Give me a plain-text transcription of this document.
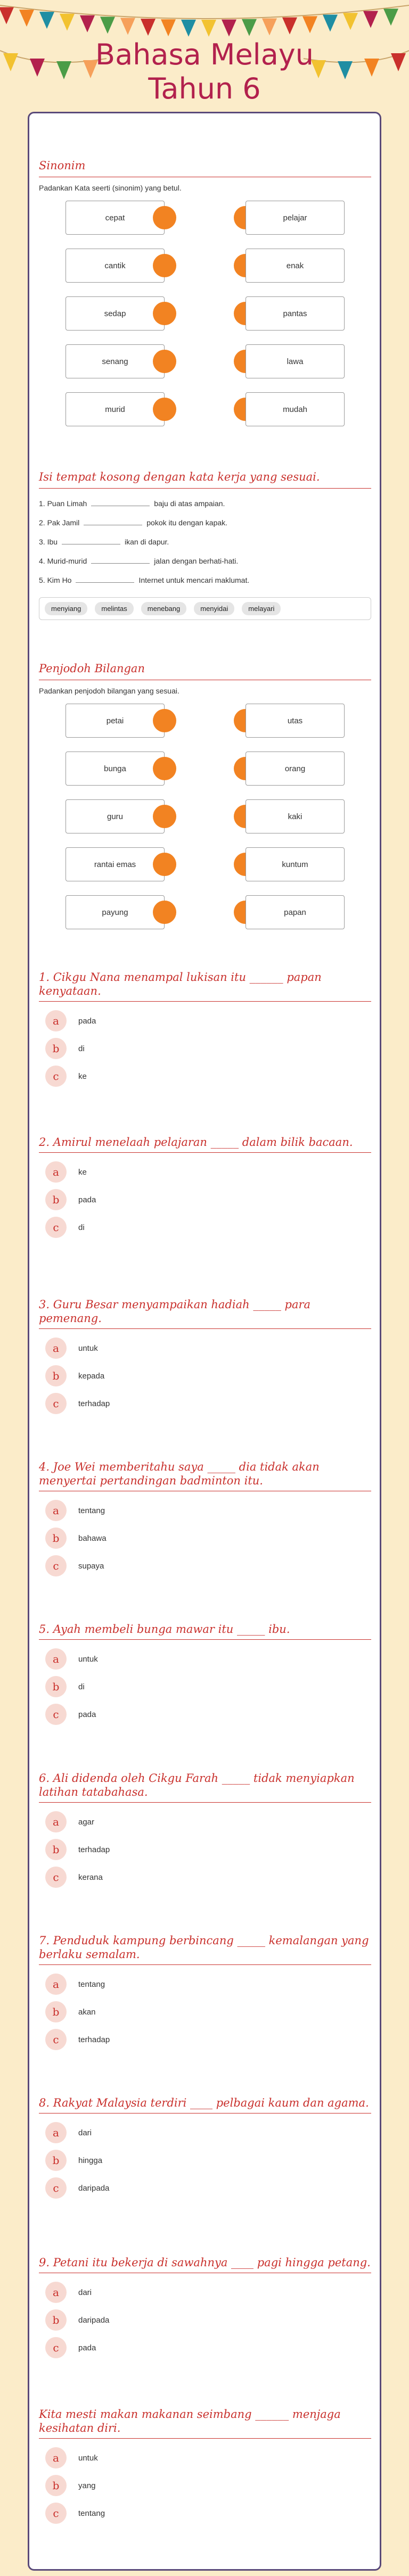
Bahasa Melayu
Tahun 6
Sinonim
Padankan Kata seerti (sinonim) yang betul.
cepat	pelajar
cantik	enak
sedap	pantas
senang	lawa
murid	mudah
Isi tempat kosong dengan kata kerja yang sesuai.
1. Puan Limah	baju di atas ampaian.
2. Pak Jamil	pokok itu dengan kapak.
3. Ibu	ikan di dapur.
4. Murid-murid	jalan dengan berhati-hati.
5. Kim Ho	Internet untuk mencari maklumat.
menyiang	melintas	menebang	menyidai	melayari
Penjodoh Bilangan
Padankan penjodoh bilangan yang sesuai.
petai	utas
bunga	orang
guru	kaki
rantai emas	kuntum
payung	papan
1. Cikgu Nana menampal lukisan itu ______ papan kenyataan.
a	pada
b	di
c	ke
2. Amirul menelaah pelajaran _____ dalam bilik bacaan.
a	ke
b	pada
c	di
3. Guru Besar menyampaikan hadiah _____ para pemenang.
a	untuk
b	kepada
c	terhadap
4. Joe Wei memberitahu saya _____ dia tidak akan menyertai pertandingan badminton itu.
a	tentang
b	bahawa
c	supaya
5. Ayah membeli bunga mawar itu _____ ibu.
a	untuk
b	di
c	pada
6. Ali didenda oleh Cikgu Farah _____ tidak menyiapkan latihan tatabahasa.
a	agar
b	terhadap
c	kerana
7. Penduduk kampung berbincang _____ kemalangan yang berlaku semalam.
a	tentang
b	akan
c	terhadap
8. Rakyat Malaysia terdiri ____ pelbagai kaum dan agama.
a	dari
b	hingga
c	daripada
9. Petani itu bekerja di sawahnya ____ pagi hingga petang.
a	dari
b	daripada
c	pada
Kita mesti makan makanan seimbang ______ menjaga kesihatan diri.
a	untuk
b	yang
c	tentang
